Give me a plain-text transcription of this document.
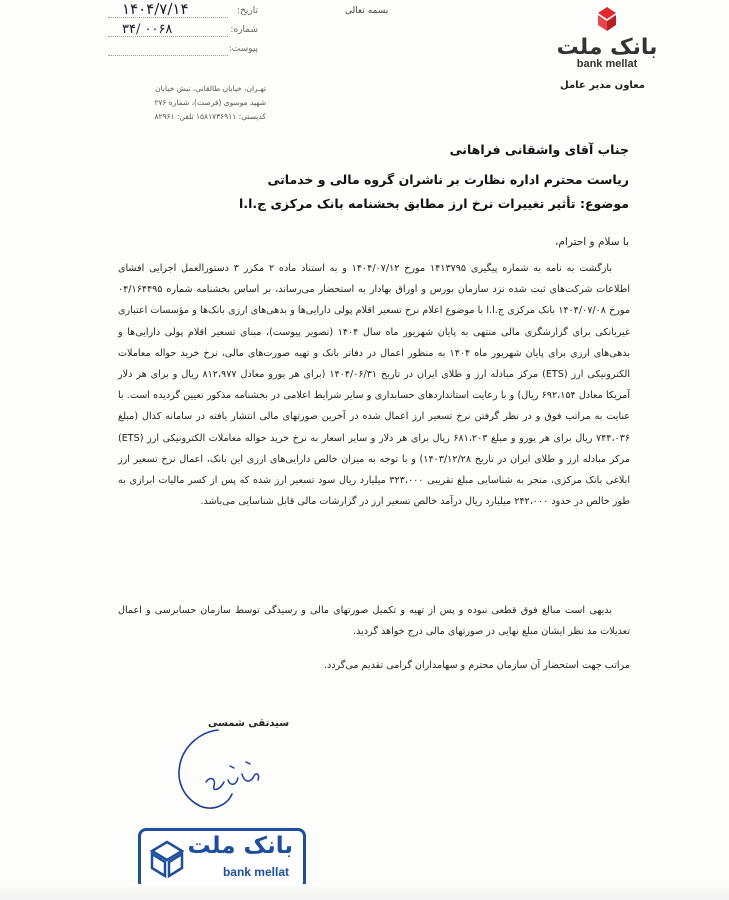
بانک ملت
bank mellat
معاون مدیر عامل
بسمه تعالی
تاریخ:
۱۴۰۴/۷/۱۴
شماره:
۳۴/ ۰۰۶۸
پیوست:
تهـران، خیابان طالقانی، نبش خیابان
شهید موسوی (فرصت)، شماره ۲۷۶
کدپستی: ۱۵۸۱۷۳۶۹۱۱ تلفن: ۸۲۹۶۱
جناب آقای واشقانی فراهانی
ریاست محترم اداره نظارت بر ناشران گروه مالی و خدماتی
موضوع: تأثیر تغییرات نرخ ارز مطابق بخشنامه بانک مرکزی ج.ا.ا
با سلام و احترام،
بازگشت به نامه به شماره پیگیری ۱۴۱۳۷۹۵ مورخ ۱۴۰۴/۰۷/۱۲ و به استناد ماده ۲ مکرر ۳ دستورالعمل اجرایی افشای اطلاعات شرکت‌های ثبت شده نزد سازمان بورس و اوراق بهادار به استحضار می‌رساند، بر اساس بخشنامه شماره ۰۴/۱۶۴۴۹۵ مورخ ۱۴۰۴/۰۷/۰۸ بانک مرکزی ج.ا.ا با موضوع اعلام نرخ تسعیر اقلام پولی دارایی‌ها و بدهی‌های ارزی بانک‌ها و مؤسسات اعتباری غیربانکی برای گزارشگری مالی منتهی به پایان شهریور ماه سال ۱۴۰۴ (تصویر پیوست)، مبنای تسعیر اقلام پولی دارایی‌ها و بدهی‌های ارزی برای پایان شهریور ماه ۱۴۰۴ به منظور اعمال در دفاتر بانک و تهیه صورت‌های مالی، نرخ خرید حواله معاملات الکترونیکی ارز (ETS) مرکز مبادله ارز و طلای ایران در تاریخ ۱۴۰۴/۰۶/۳۱ (برای هر یورو معادل ۸۱۲،۹۷۷ ریال و برای هر دلار آمریکا معادل ۶۹۲،۱۵۴ ریال) و با رعایت استانداردهای حسابداری و سایر شرایط اعلامی در بخشنامه مذکور تعیین گردیده است. با عنایت به مراتب فوق و در نظر گرفتن نرخ تسعیر ارز اعمال شده در آخرین صورتهای مالی انتشار یافته در سامانه کدال (مبلغ ۷۴۴،۰۳۶ ریال برای هر یورو و مبلغ ۶۸۱،۲۰۳ ریال برای هر دلار و سایر اسعار به نرخ خرید حواله معاملات الکترونیکی ارز (ETS) مرکز مبادله ارز و طلای ایران در تاریخ ۱۴۰۳/۱۲/۲۸) و با توجه به میزان خالص دارایی‌های ارزی این بانک، اعمال نرخ تسعیر ارز ابلاغی بانک مرکزی، منجر به شناسایی مبلغ تقریبی ۳۲۳،۰۰۰ میلیارد ریال سود تسعیر ارز شده که پس از کسر مالیات ابرازی به طور خالص در حدود ۲۴۲،۰۰۰ میلیارد ریال درآمد خالص تسعیر ارز در گزارشات مالی قابل شناسایی می‌باشد.
بدیهی است مبالغ فوق قطعی نبوده و پس از تهیه و تکمیل صورتهای مالی و رسیدگی توسط سازمان حسابرسی و اعمال تعدیلات مد نظر ایشان مبلغ نهایی در صورتهای مالی درج خواهد گردید.
مراتب جهت استحضار آن سازمان محترم و سهامداران گرامی تقدیم می‌گردد.
سیدتقی شمسی
بانک ملت
bank mellat
